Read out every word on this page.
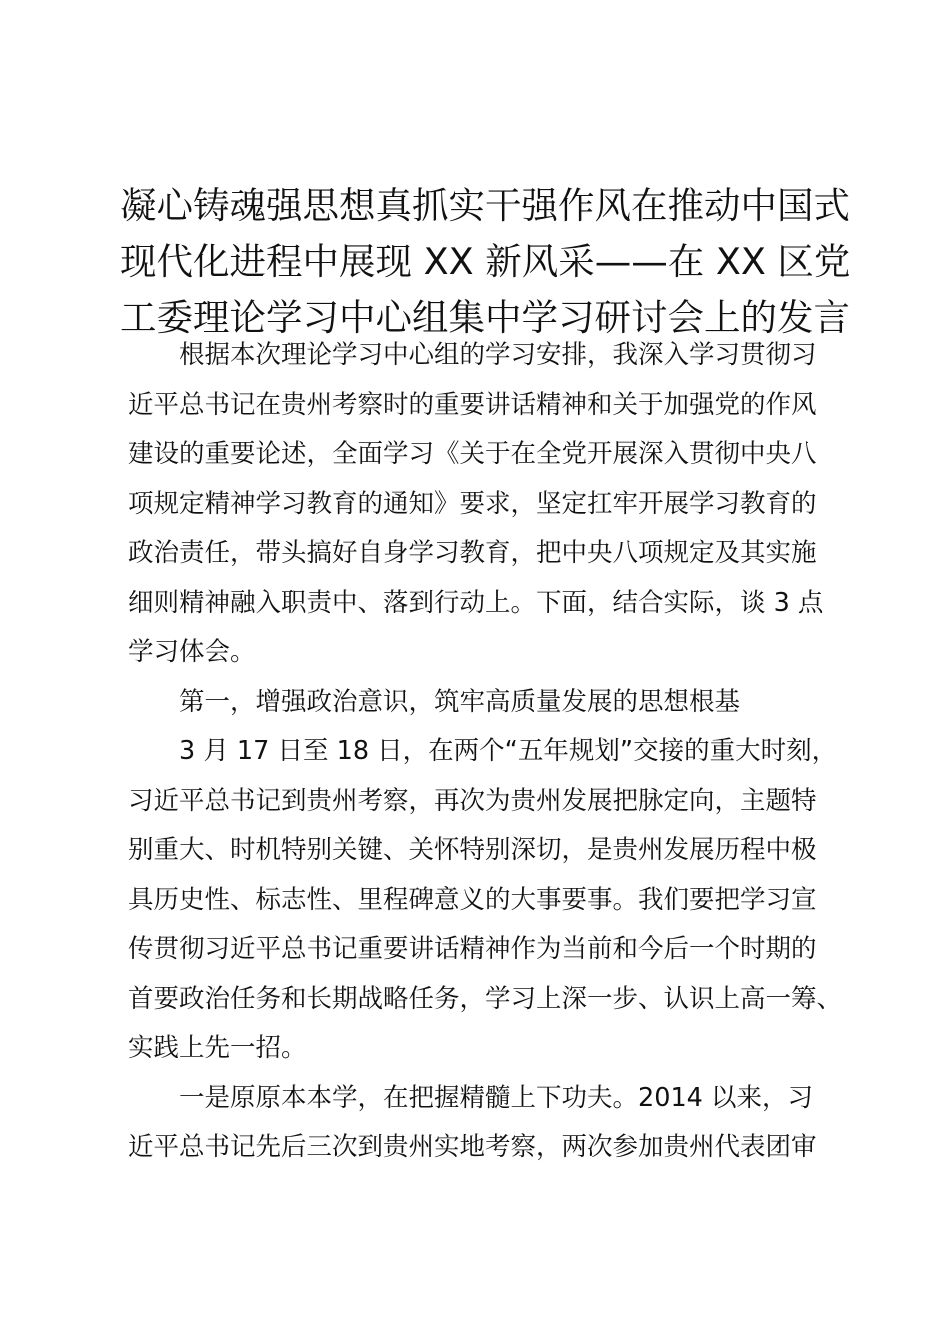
凝心铸魂强思想真抓实干强作风在推动中国式
现代化进程中展现 XX 新风采——在 XX 区党
工委理论学习中心组集中学习研讨会上的发言
根据本次理论学习中心组的学习安排，我深入学习贯彻习
近平总书记在贵州考察时的重要讲话精神和关于加强党的作风
建设的重要论述，全面学习《关于在全党开展深入贯彻中央八
项规定精神学习教育的通知》要求，坚定扛牢开展学习教育的
政治责任，带头搞好自身学习教育，把中央八项规定及其实施
细则精神融入职责中、落到行动上。下面，结合实际，谈 3 点
学习体会。
第一，增强政治意识，筑牢高质量发展的思想根基
3 月 17 日至 18 日，在两个“五年规划”交接的重大时刻，
习近平总书记到贵州考察，再次为贵州发展把脉定向，主题特
别重大、时机特别关键、关怀特别深切，是贵州发展历程中极
具历史性、标志性、里程碑意义的大事要事。我们要把学习宣
传贯彻习近平总书记重要讲话精神作为当前和今后一个时期的
首要政治任务和长期战略任务，学习上深一步、认识上高一筹、
实践上先一招。
一是原原本本学，在把握精髓上下功夫。2014 以来，习
近平总书记先后三次到贵州实地考察，两次参加贵州代表团审
